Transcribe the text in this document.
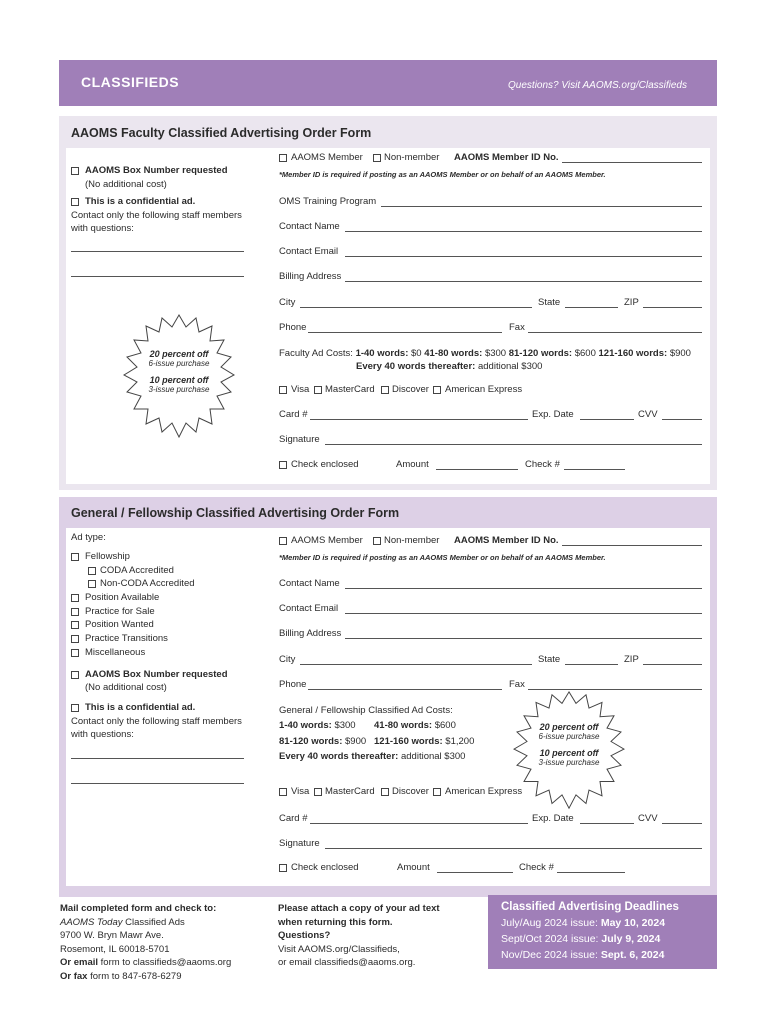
CLASSIFIEDS	Questions? Visit AAOMS.org/Classifieds
AAOMS Faculty Classified Advertising Order Form
AAOMS Box Number requested
(No additional cost)
This is a confidential ad.
Contact only the following staff members
with questions:
20 percent off
6-issue purchase
10 percent off
3-issue purchase
AAOMS Member Non-member AAOMS Member ID No.
*Member ID is required if posting as an AAOMS Member or on behalf of an AAOMS Member.
OMS Training Program
Contact Name
Contact Email
Billing Address
City	State	ZIP
Phone	Fax
Faculty Ad Costs: 1-40 words: $0 41-80 words: $300 81-120 words: $600 121-160 words: $900
Every 40 words thereafter: additional $300
Visa MasterCard Discover American Express
Card #	Exp. Date	CVV
Signature
Check enclosed	Amount	Check #
General / Fellowship Classified Advertising Order Form
Ad type:
Fellowship
CODA Accredited
Non-CODA Accredited
Position Available
Practice for Sale
Position Wanted
Practice Transitions
Miscellaneous
AAOMS Box Number requested
(No additional cost)
This is a confidential ad.
Contact only the following staff members
with questions:
AAOMS Member Non-member AAOMS Member ID No.
*Member ID is required if posting as an AAOMS Member or on behalf of an AAOMS Member.
Contact Name
Contact Email
Billing Address
City	State	ZIP
Phone	Fax
General / Fellowship Classified Ad Costs:
1-40 words: $300 41-80 words: $600
81-120 words: $900 121-160 words: $1,200
Every 40 words thereafter: additional $300
20 percent off
6-issue purchase
10 percent off
3-issue purchase
Visa MasterCard Discover American Express
Card #	Exp. Date	CVV
Signature
Check enclosed	Amount	Check #
Mail completed form and check to:
AAOMS Today Classified Ads
9700 W. Bryn Mawr Ave.
Rosemont, IL 60018-5701
Or email form to classifieds@aaoms.org
Or fax form to 847-678-6279
Please attach a copy of your ad text
when returning this form.
Questions?
Visit AAOMS.org/Classifieds,
or email classifieds@aaoms.org.
Classified Advertising Deadlines
July/Aug 2024 issue: May 10, 2024
Sept/Oct 2024 issue: July 9, 2024
Nov/Dec 2024 issue: Sept. 6, 2024
